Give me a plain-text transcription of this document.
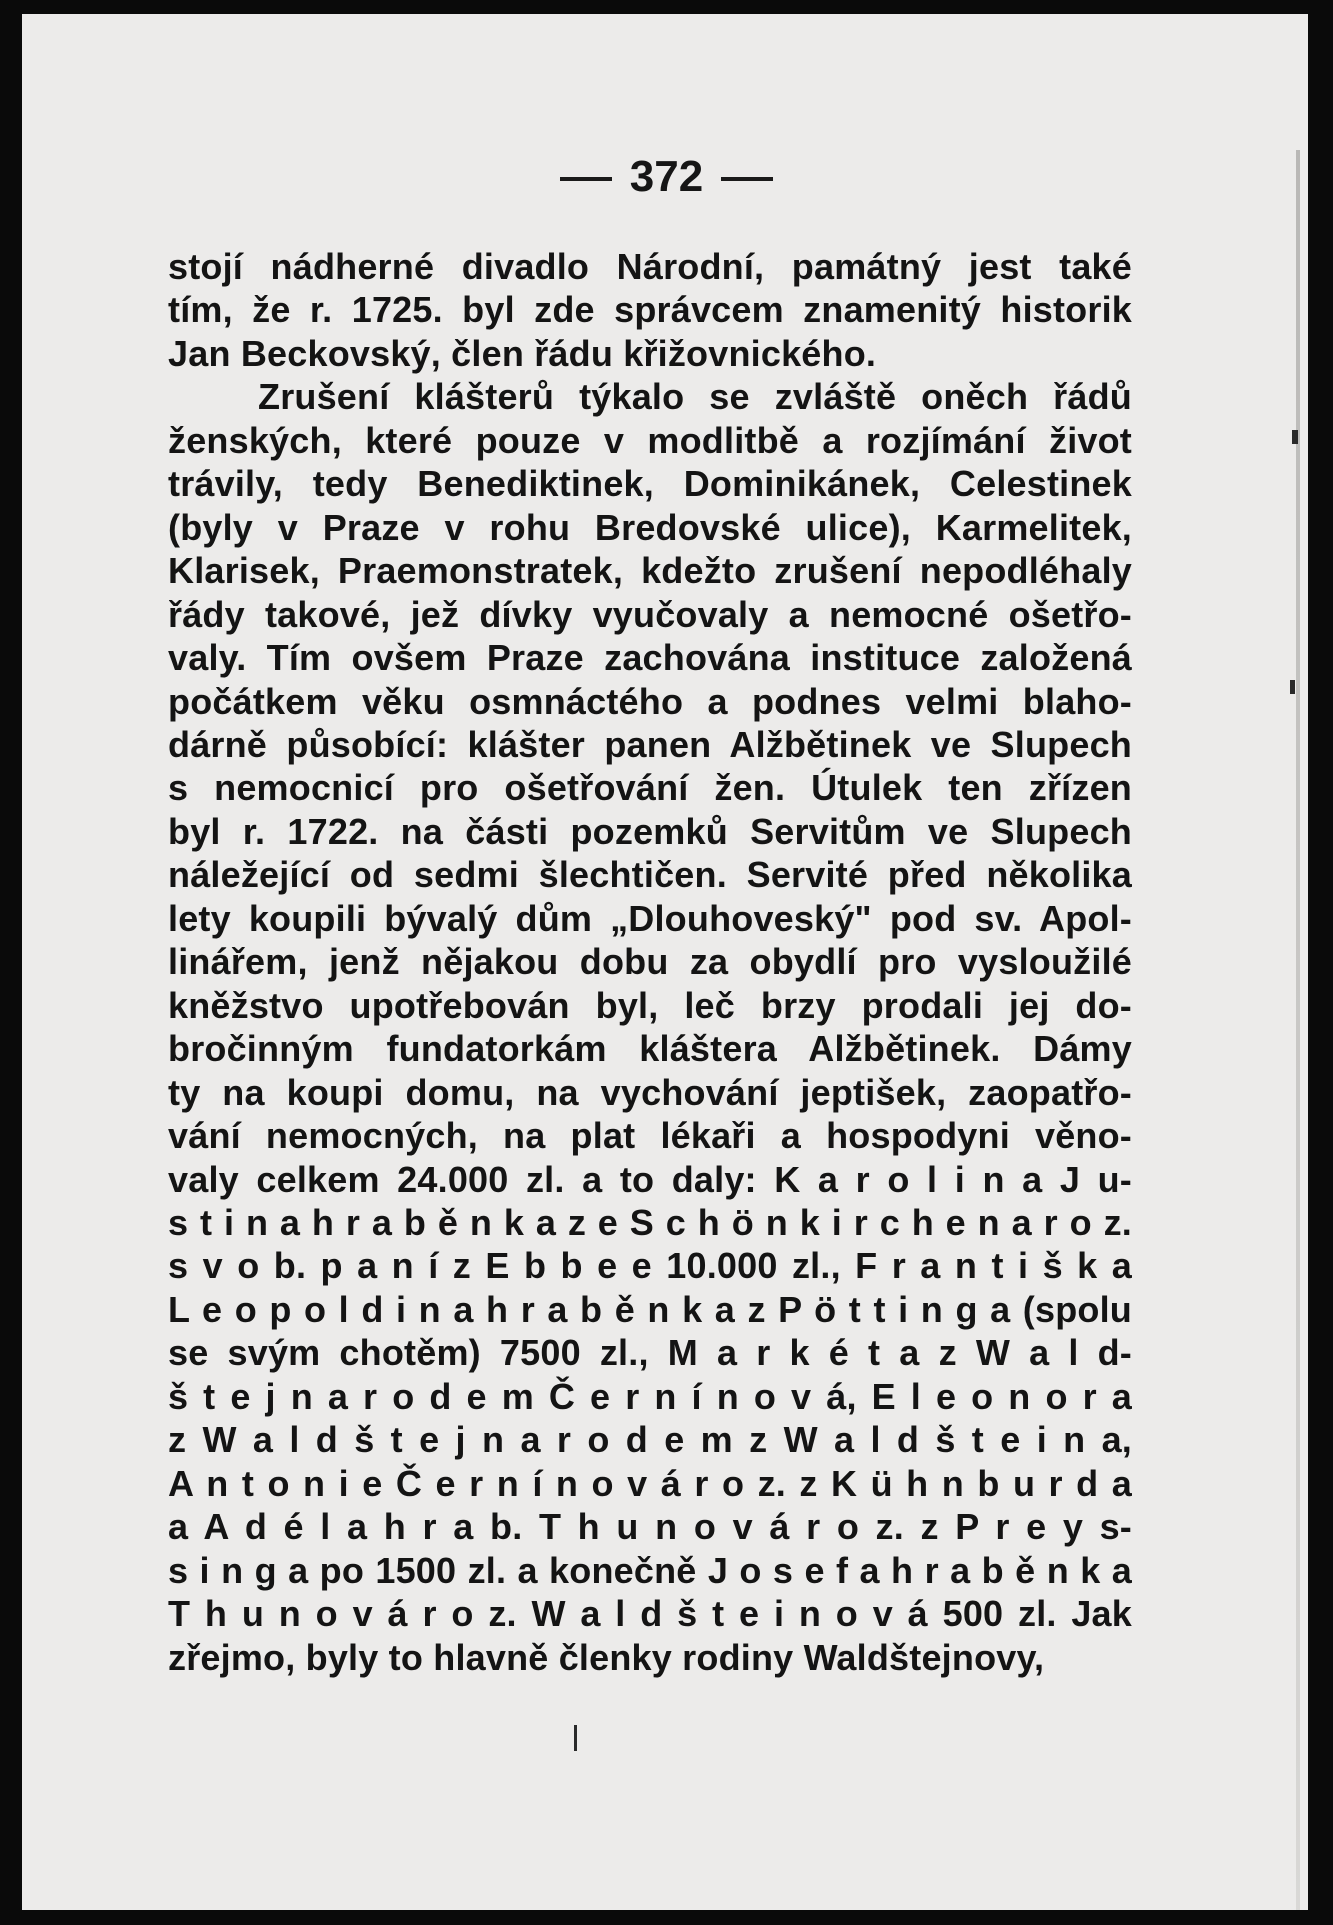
372
stojí nádherné divadlo Národní, památný jest také
tím, že r. 1725. byl zde správcem znamenitý historik
Jan Beckovský, člen řádu křižovnického.
Zrušení klášterů týkalo se zvláště oněch řádů
ženských, které pouze v modlitbě a rozjímání život
trávily, tedy Benediktinek, Dominikánek, Celestinek
(byly v Praze v rohu Bredovské ulice), Karmelitek,
Klarisek, Praemonstratek, kdežto zrušení nepodléhaly
řády takové, jež dívky vyučovaly a nemocné ošetřo-
valy. Tím ovšem Praze zachována instituce založená
počátkem věku osmnáctého a podnes velmi blaho-
dárně působící: klášter panen Alžbětinek ve Slupech
s nemocnicí pro ošetřování žen. Útulek ten zřízen
byl r. 1722. na části pozemků Servitům ve Slupech
náležející od sedmi šlechtičen. Servité před několika
lety koupili bývalý dům „Dlouhoveský" pod sv. Apol-
linářem, jenž nějakou dobu za obydlí pro vysloužilé
kněžstvo upotřebován byl, leč brzy prodali jej do-
bročinným fundatorkám kláštera Alžbětinek. Dámy
ty na koupi domu, na vychování jeptišek, zaopatřo-
vání nemocných, na plat lékaři a hospodyni věno-
valy celkem 24.000 zl. a to daly: K a r o l i n a J u-
s t i n a h r a b ě n k a z e S c h ö n k i r c h e n a r o z.
s v o b. p a n í z E b b e e 10.000 zl., F r a n t i š k a
L e o p o l d i n a h r a b ě n k a z P ö t t i n g a (spolu
se svým chotěm) 7500 zl., M a r k é t a z W a l d-
š t e j n a r o d e m Č e r n í n o v á, E l e o n o r a
z W a l d š t e j n a r o d e m z W a l d š t e i n a,
A n t o n i e Č e r n í n o v á r o z. z K ü h n b u r d a
a A d é l a h r a b. T h u n o v á r o z. z P r e y s-
s i n g a po 1500 zl. a konečně J o s e f a h r a b ě n k a
T h u n o v á r o z. W a l d š t e i n o v á 500 zl. Jak
zřejmo, byly to hlavně členky rodiny Waldštejnovy,
